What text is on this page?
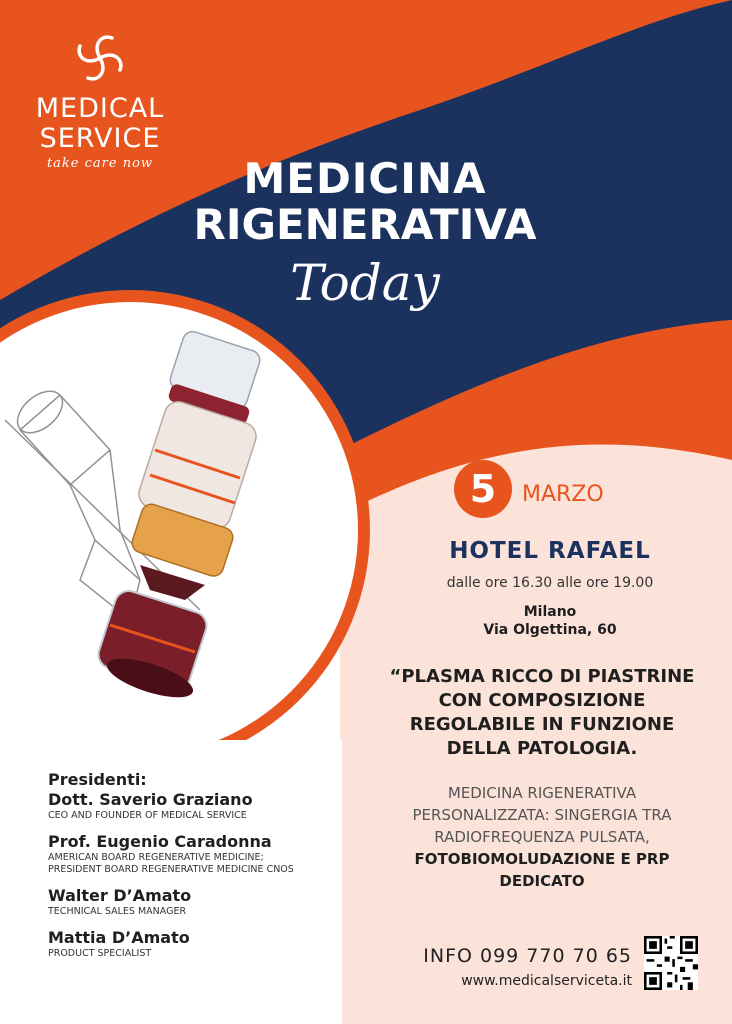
MEDICAL
SERVICE
take care now	MEDICINA
RIGENERATIVA
Today
5	MARZO
HOTEL RAFAEL
dalle ore 16.30 alle ore 19.00
Milano
Via Olgettina, 60
“PLASMA RICCO DI PIASTRINE
CON COMPOSIZIONE
REGOLABILE IN FUNZIONE
DELLA PATOLOGIA.
MEDICINA RIGENERATIVA
PERSONALIZZATA: SINGERGIA TRA
RADIOFREQUENZA PULSATA,
FOTOBIOMOLUDAZIONE E PRP
DEDICATO
INFO 099 770 70 65
www.medicalserviceta.it
Presidenti:
Dott. Saverio Graziano
CEO AND FOUNDER OF MEDICAL SERVICE
Prof. Eugenio Caradonna
AMERICAN BOARD REGENERATIVE MEDICINE;
PRESIDENT BOARD REGENERATIVE MEDICINE CNOS
Walter D’Amato
TECHNICAL SALES MANAGER
Mattia D’Amato
PRODUCT SPECIALIST
